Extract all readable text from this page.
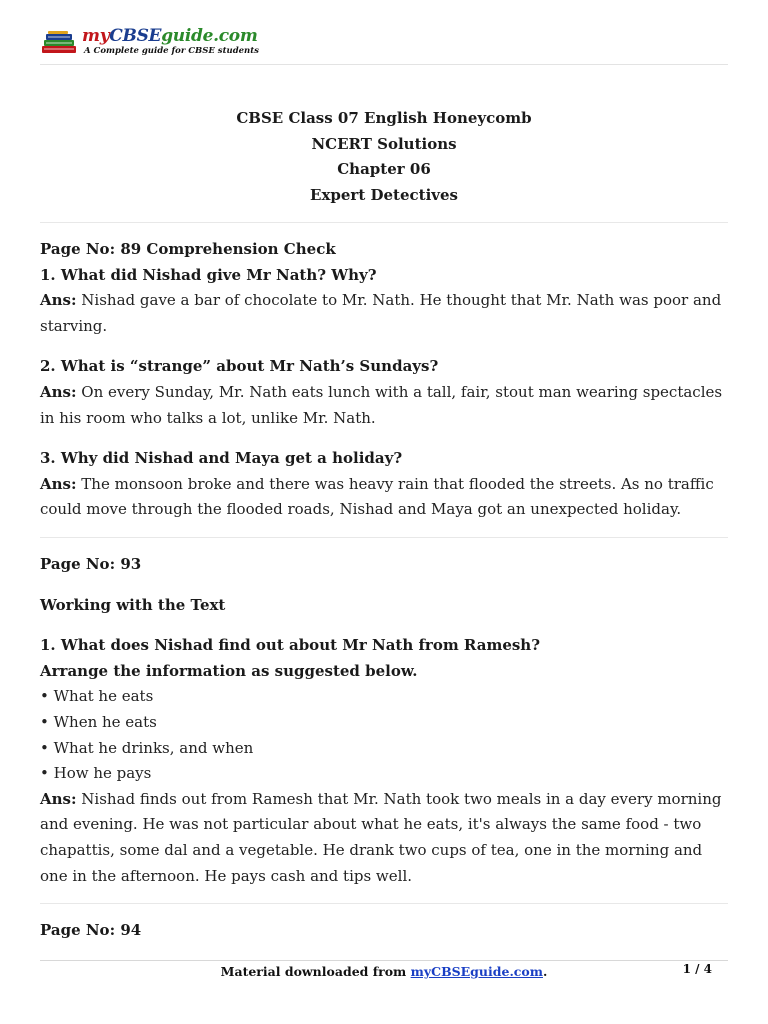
myCBSEguide.com
A Complete guide for CBSE students
CBSE Class 07 English Honeycomb
NCERT Solutions
Chapter 06
Expert Detectives

Page No: 89 Comprehension Check

1. What did Nishad give Mr Nath? Why?

Ans: Nishad gave a bar of chocolate to Mr. Nath. He thought that Mr. Nath was poor and starving.

2. What is “strange” about Mr Nath’s Sundays?

Ans: On every Sunday, Mr. Nath eats lunch with a tall, fair, stout man wearing spectacles in his room who talks a lot, unlike Mr. Nath.

3. Why did Nishad and Maya get a holiday?

Ans: The monsoon broke and there was heavy rain that flooded the streets. As no traffic could move through the flooded roads, Nishad and Maya got an unexpected holiday.

Page No: 93

Working with the Text

1. What does Nishad find out about Mr Nath from Ramesh?

Arrange the information as suggested below.

• What he eats

• When he eats

• What he drinks, and when

• How he pays

Ans: Nishad finds out from Ramesh that Mr. Nath took two meals in a day every morning and evening. He was not particular about what he eats, it's always the same food - two chapattis, some dal and a vegetable. He drank two cups of tea, one in the morning and one in the afternoon. He pays cash and tips well.

Page No: 94

Material downloaded from myCBSEguide.com.	1 / 4
